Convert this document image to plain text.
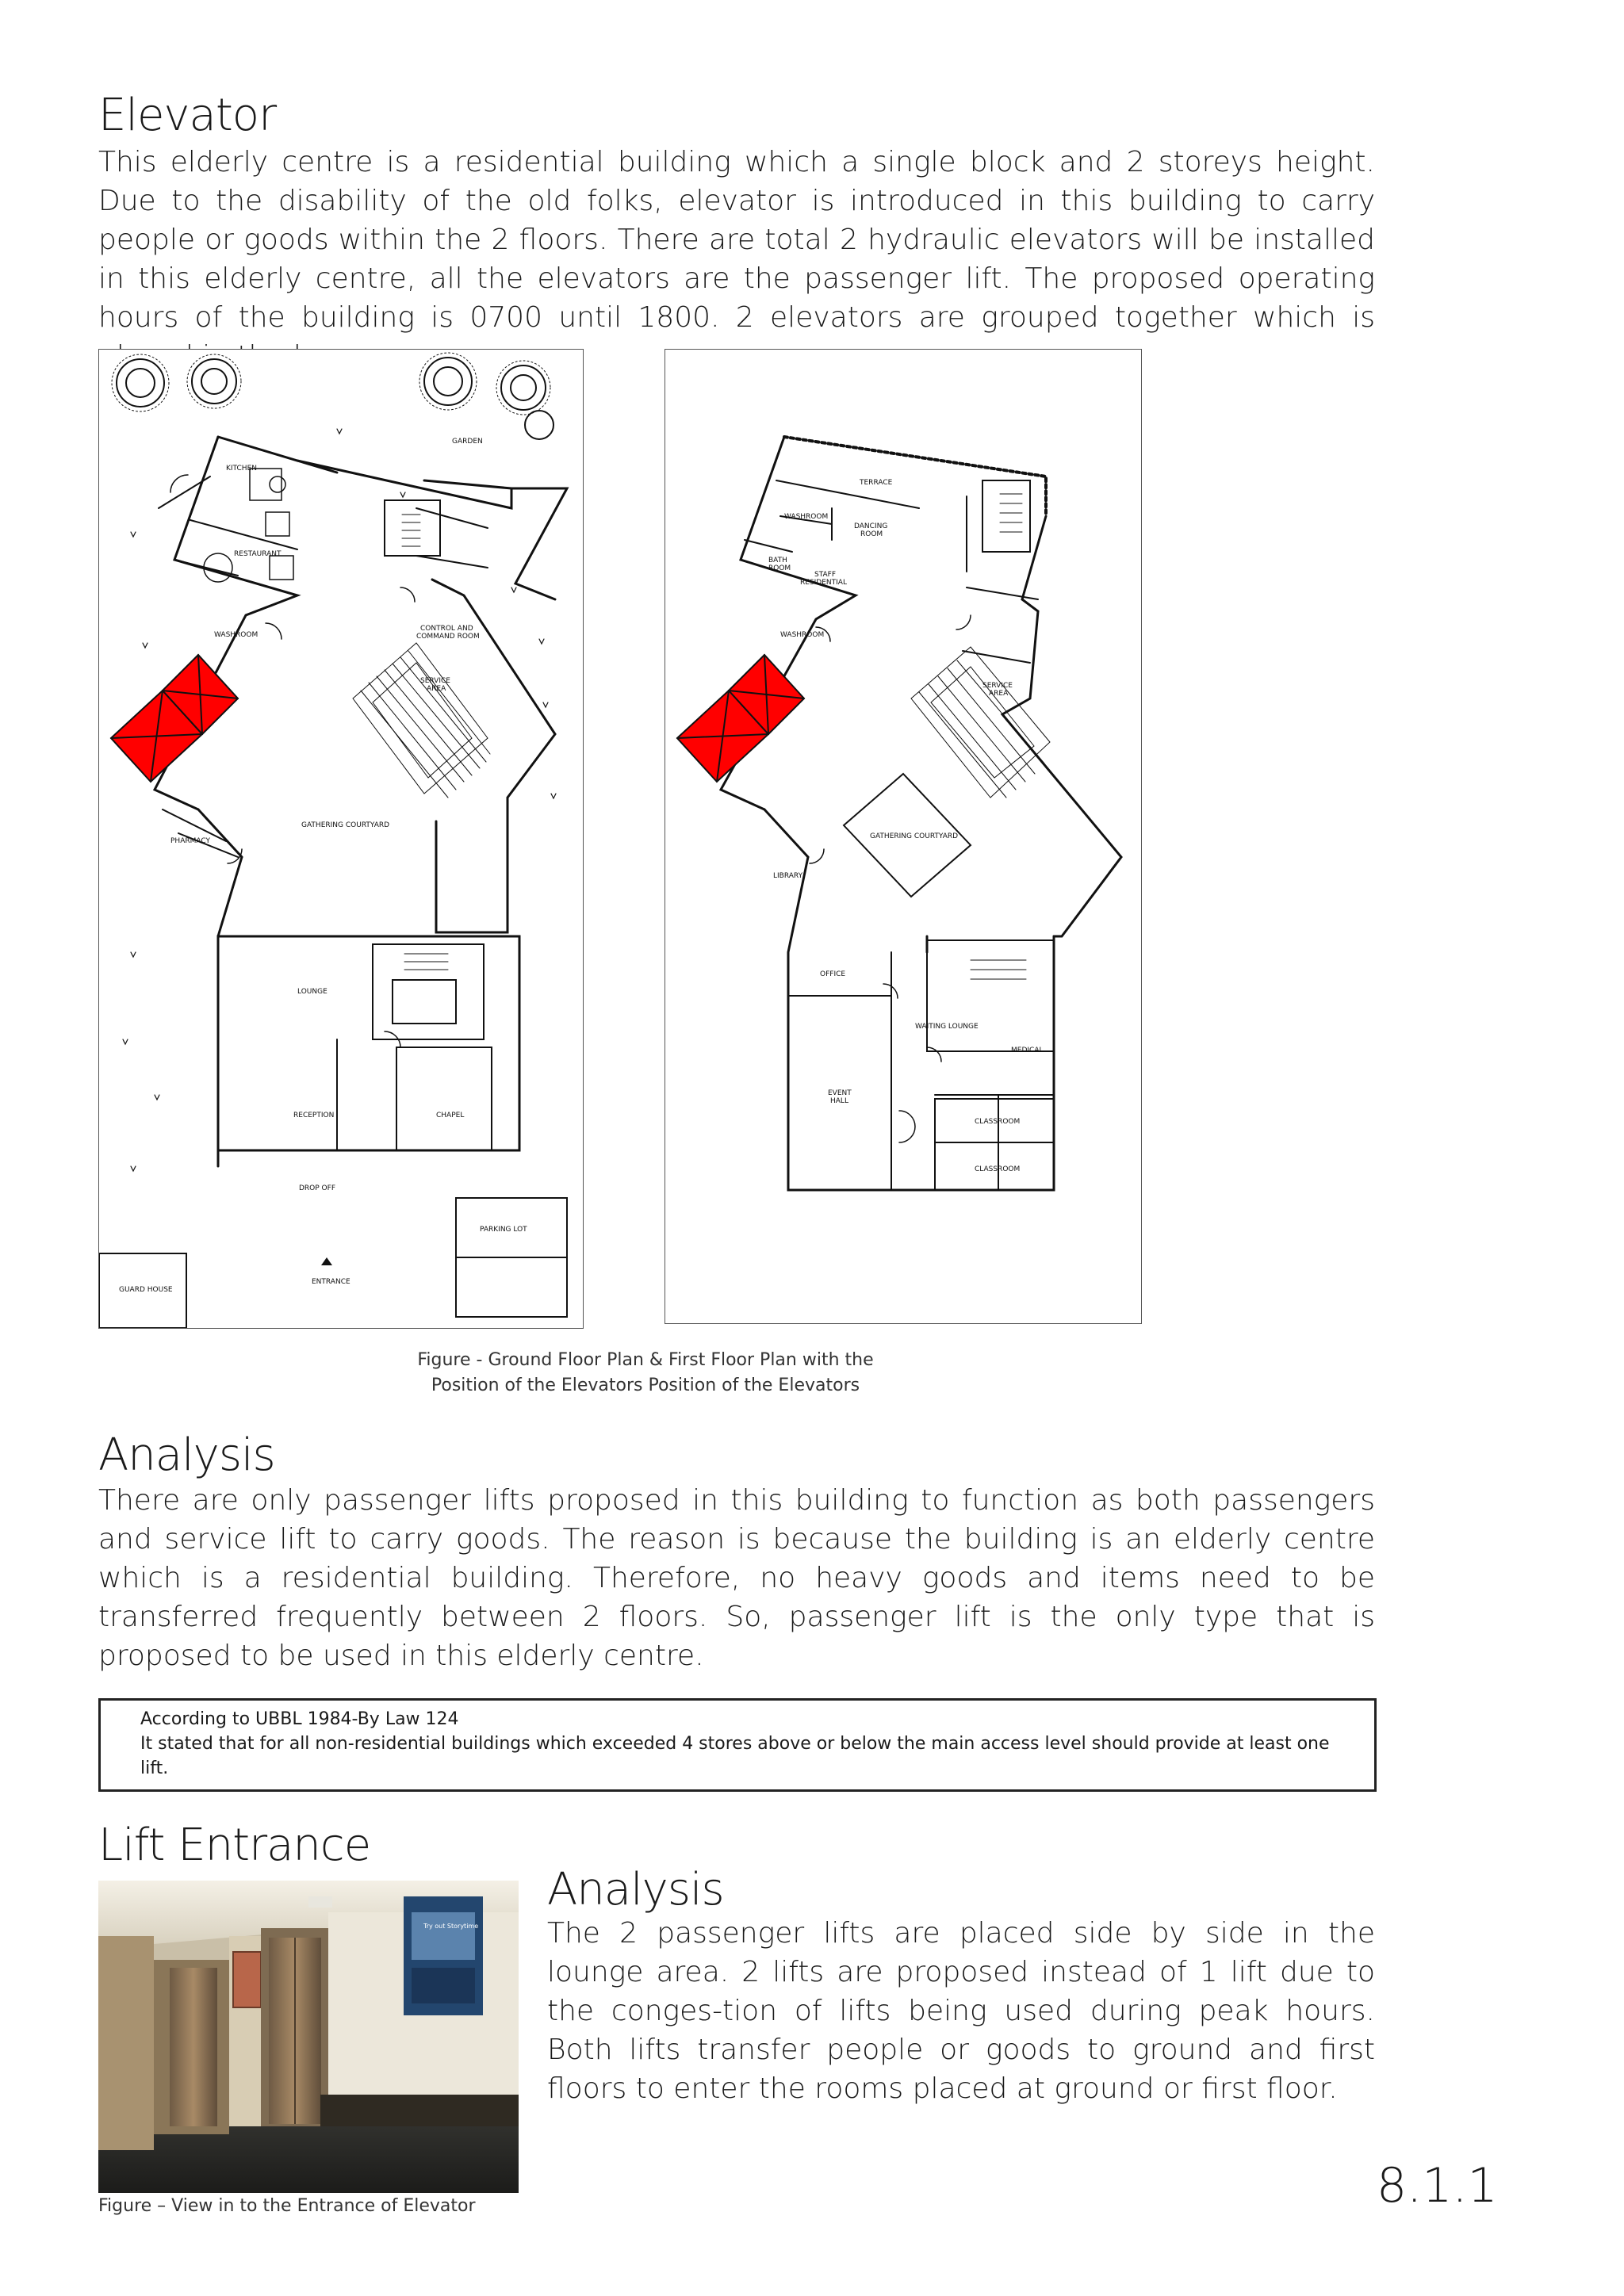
Elevator
This elderly centre is a residential building which a single block and 2 storeys height. Due to the disability of the old folks, elevator is introduced in this building to carry people or goods within the 2 floors. There are total 2 hydraulic elevators will be installed in this elderly centre, all the elevators are the passenger lift. The proposed operating hours of the building is 0700 until 1800. 2 elevators are grouped together which is
GARDEN
KITCHEN
RESTAURANT
WASHROOM
CONTROL AND
COMMAND ROOM
SERVICE
AREA
PHARMACY
GATHERING COURTYARD
LOUNGE
RECEPTION	CHAPEL
DROP OFF
PARKING LOT
GUARD HOUSE
ENTRANCE
TERRACE
WASHROOM
DANCING
ROOM
BATH
ROOM
STAFF
RESIDENTIAL
WASHROOM
SERVICE
AREA
GATHERING COURTYARD
LIBRARY
OFFICE
WAITING LOUNGE
MEDICAL
EVENT
HALL
CLASSROOM
CLASSROOM
Figure - Ground Floor Plan & First Floor Plan with the
Position of the Elevators Position of the Elevators
Analysis
There are only passenger lifts proposed in this building to function as both passengers and service lift to carry goods. The reason is because the building is an elderly centre which is a residential building. Therefore, no heavy goods and items need to be transferred frequently between 2 floors. So, passenger lift is the only type that is proposed to be used in this elderly centre.
According to UBBL 1984-By Law 124
It stated that for all non-residential buildings which exceeded 4 stores above or below the main access level should provide at least one lift.
Lift Entrance
Try out Storytime
Figure – View in to the Entrance of Elevator
Analysis
The 2 passenger lifts are placed side by side in the lounge area. 2 lifts are proposed instead of 1 lift due to the conges-tion of lifts being used during peak hours. Both lifts transfer people or goods to ground and first floors to enter the rooms placed at ground or first floor.
8.1.1
